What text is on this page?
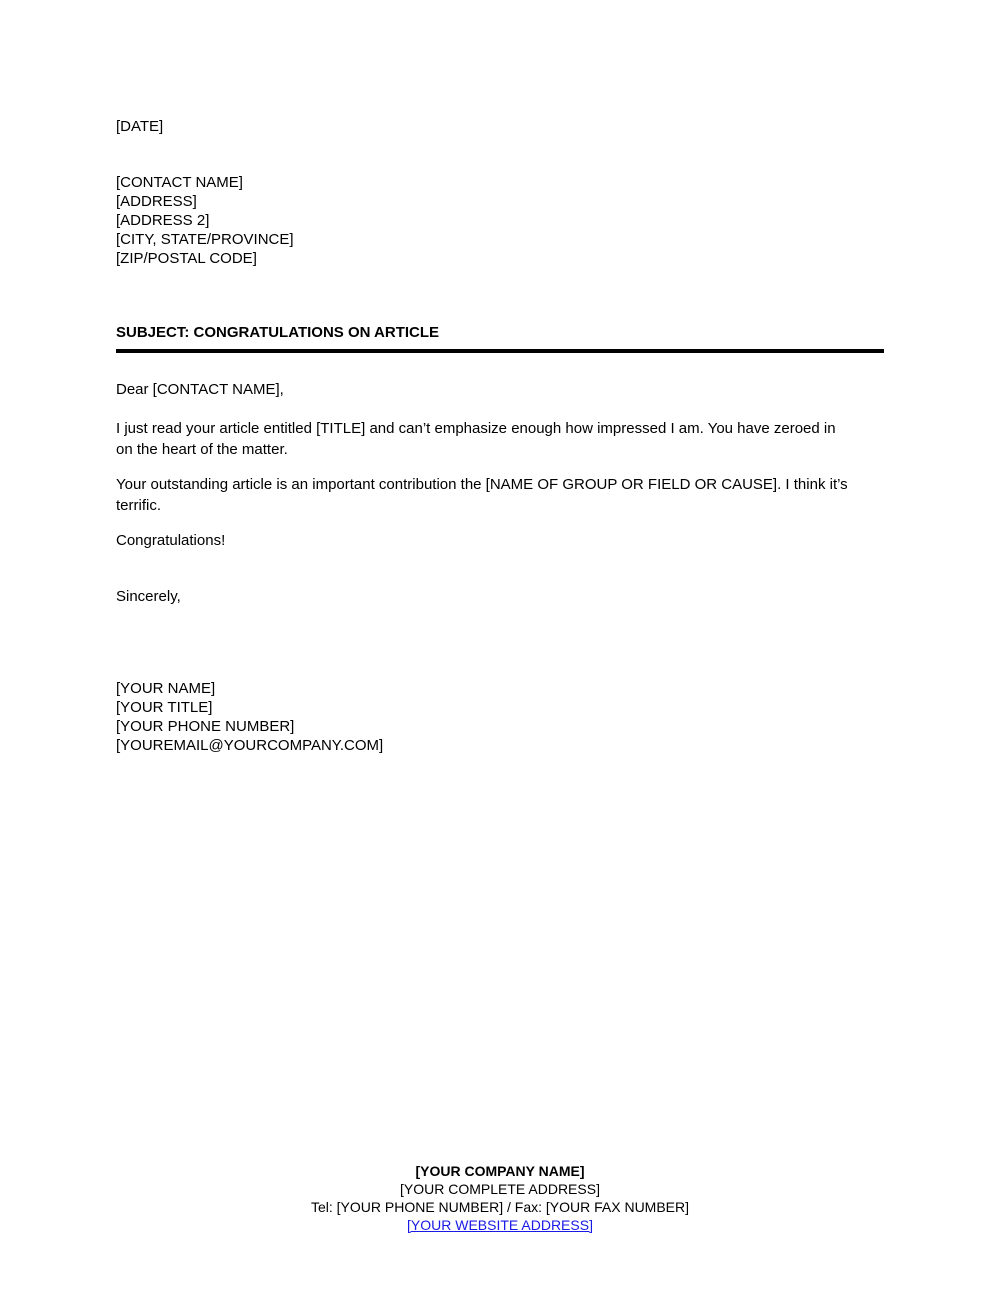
[DATE]
[CONTACT NAME]
[ADDRESS]
[ADDRESS 2]
[CITY, STATE/PROVINCE]
[ZIP/POSTAL CODE]
SUBJECT: CONGRATULATIONS ON ARTICLE
Dear [CONTACT NAME],
I just read your article entitled [TITLE] and can’t emphasize enough how impressed I am. You have zeroed in on the heart of the matter.
Your outstanding article is an important contribution the [NAME OF GROUP OR FIELD OR CAUSE]. I think it’s terrific.
Congratulations!
Sincerely,
[YOUR NAME]
[YOUR TITLE]
[YOUR PHONE NUMBER]
[YOUREMAIL@YOURCOMPANY.COM]
[YOUR COMPANY NAME]
[YOUR COMPLETE ADDRESS]
Tel: [YOUR PHONE NUMBER] / Fax: [YOUR FAX NUMBER]
[YOUR WEBSITE ADDRESS]
